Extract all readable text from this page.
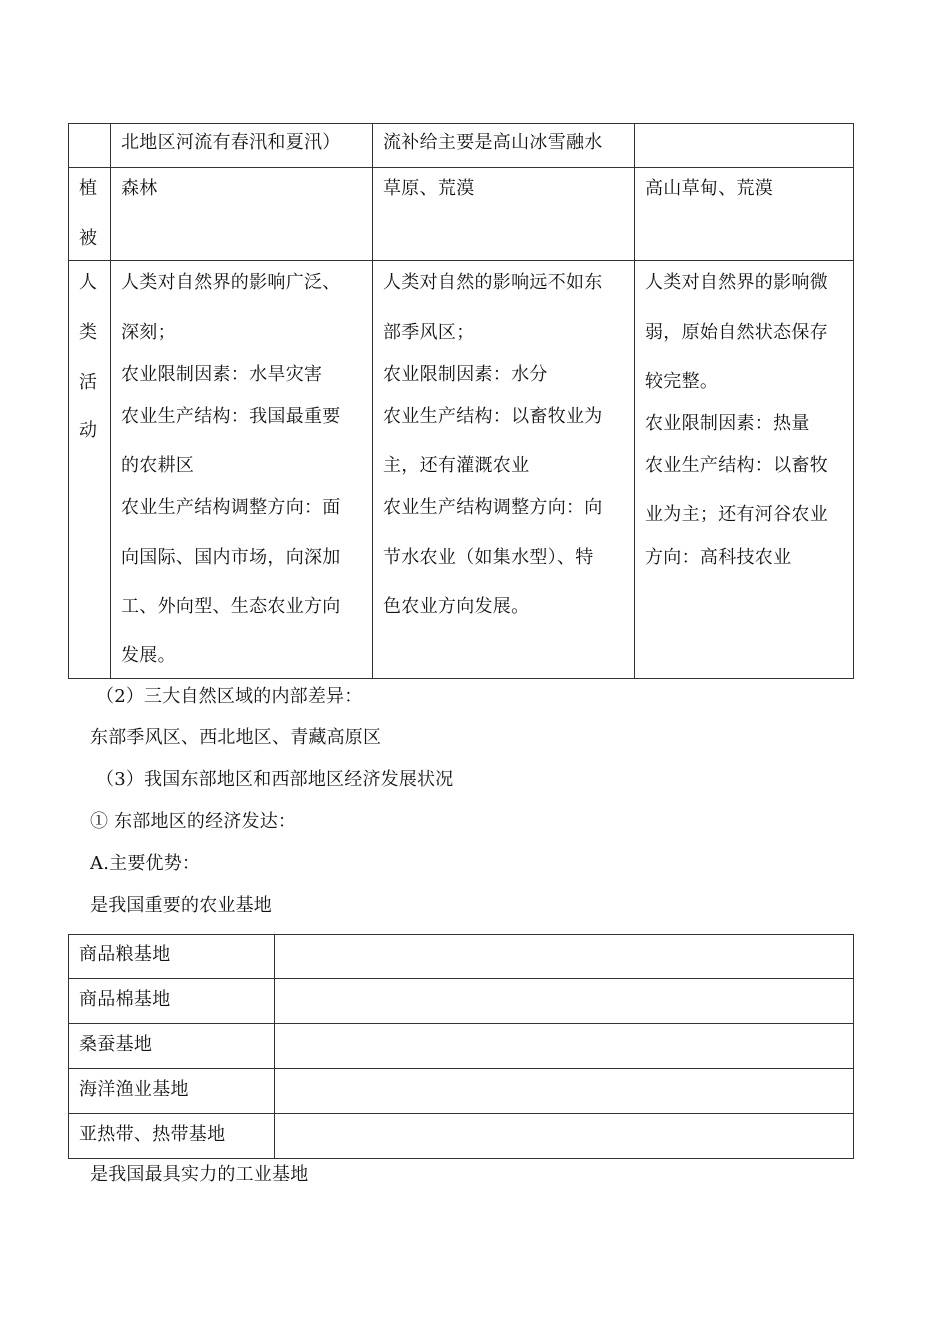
北地区河流有春汛和夏汛） 流补给主要是高山冰雪融水
植
被
森林	草原、荒漠	高山草甸、荒漠
人
类
活
动
人类对自然界的影响广泛、
深刻；
农业限制因素：水旱灾害
农业生产结构：我国最重要
的农耕区
农业生产结构调整方向：面
向国际、国内市场，向深加
工、外向型、生态农业方向
发展。
人类对自然的影响远不如东
部季风区；
农业限制因素：水分
农业生产结构：以畜牧业为
主，还有灌溉农业
农业生产结构调整方向：向
节水农业（如集水型）、特
色农业方向发展。
人类对自然界的影响微
弱，原始自然状态保存
较完整。
农业限制因素：热量
农业生产结构：以畜牧
业为主；还有河谷农业
方向：高科技农业
（2）三大自然区域的内部差异：
东部季风区、西北地区、青藏高原区
（3）我国东部地区和西部地区经济发展状况
① 东部地区的经济发达：
A.主要优势：
是我国重要的农业基地
商品粮基地
商品棉基地
桑蚕基地
海洋渔业基地
亚热带、热带基地
是我国最具实力的工业基地
